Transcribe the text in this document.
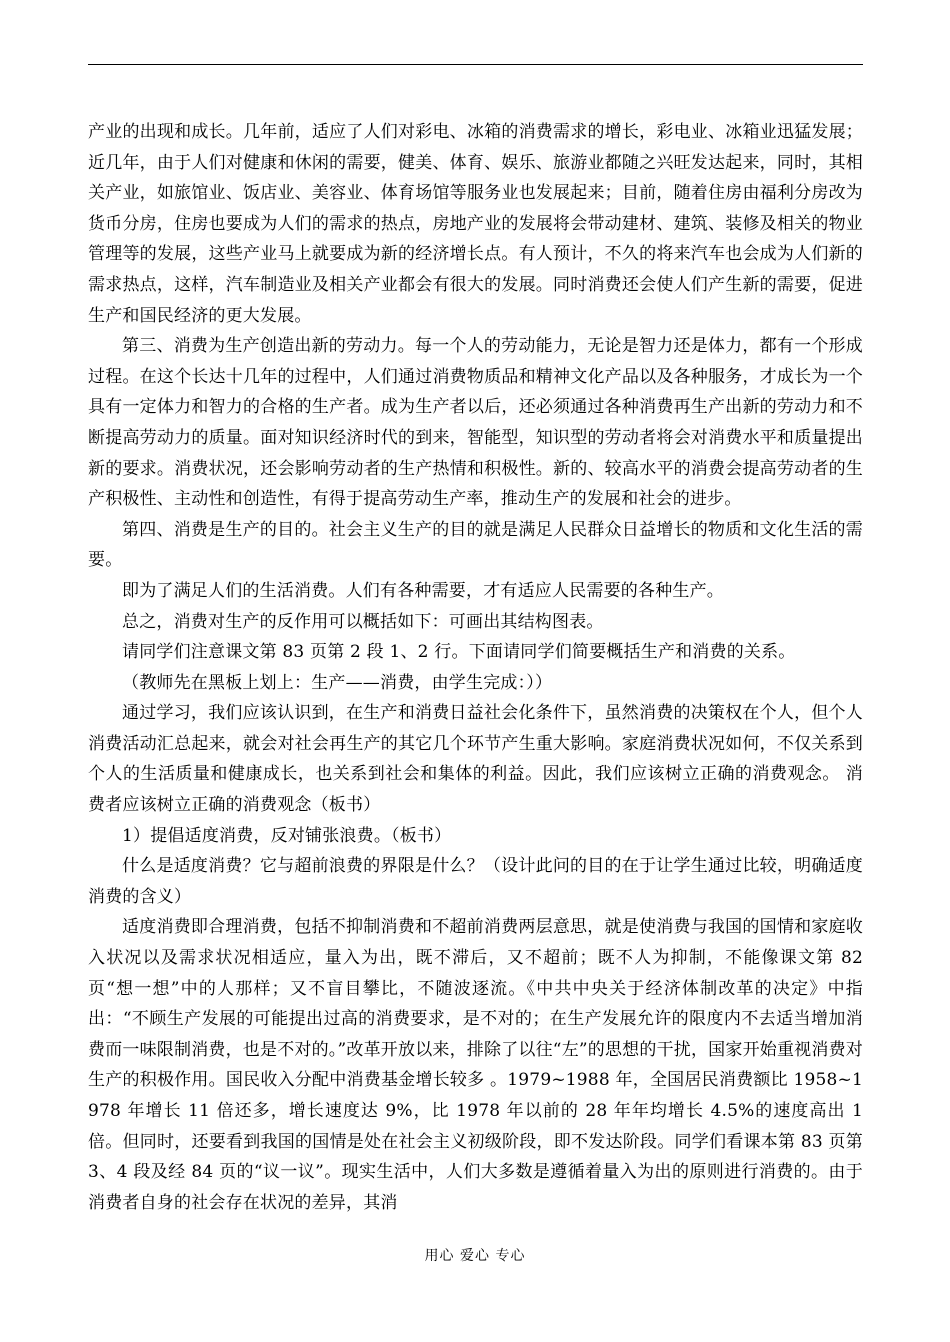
产业的出现和成长。几年前，适应了人们对彩电、冰箱的消费需求的增长，彩电业、冰箱业迅猛发展；近几年，由于人们对健康和休闲的需要，健美、体育、娱乐、旅游业都随之兴旺发达起来，同时，其相关产业，如旅馆业、饭店业、美容业、体育场馆等服务业也发展起来；目前，随着住房由福利分房改为货币分房，住房也要成为人们的需求的热点，房地产业的发展将会带动建材、建筑、装修及相关的物业管理等的发展，这些产业马上就要成为新的经济增长点。有人预计，不久的将来汽车也会成为人们新的需求热点，这样，汽车制造业及相关产业都会有很大的发展。同时消费还会使人们产生新的需要，促进生产和国民经济的更大发展。

第三、消费为生产创造出新的劳动力。每一个人的劳动能力，无论是智力还是体力，都有一个形成过程。在这个长达十几年的过程中，人们通过消费物质品和精神文化产品以及各种服务，才成长为一个具有一定体力和智力的合格的生产者。成为生产者以后，还必须通过各种消费再生产出新的劳动力和不断提高劳动力的质量。面对知识经济时代的到来，智能型，知识型的劳动者将会对消费水平和质量提出新的要求。消费状况，还会影响劳动者的生产热情和积极性。新的、较高水平的消费会提高劳动者的生产积极性、主动性和创造性，有得于提高劳动生产率，推动生产的发展和社会的进步。

第四、消费是生产的目的。社会主义生产的目的就是满足人民群众日益增长的物质和文化生活的需要。

即为了满足人们的生活消费。人们有各种需要，才有适应人民需要的各种生产。

总之，消费对生产的反作用可以概括如下：可画出其结构图表。

请同学们注意课文第 83 页第 2 段 1、2 行。下面请同学们简要概括生产和消费的关系。

（教师先在黑板上划上：生产——消费，由学生完成：））

通过学习，我们应该认识到，在生产和消费日益社会化条件下，虽然消费的决策权在个人，但个人消费活动汇总起来，就会对社会再生产的其它几个环节产生重大影响。家庭消费状况如何，不仅关系到个人的生活质量和健康成长，也关系到社会和集体的利益。因此，我们应该树立正确的消费观念。 消费者应该树立正确的消费观念（板书）

1）提倡适度消费，反对铺张浪费。（板书）

什么是适度消费？它与超前浪费的界限是什么？（设计此问的目的在于让学生通过比较，明确适度消费的含义）

适度消费即合理消费，包括不抑制消费和不超前消费两层意思，就是使消费与我国的国情和家庭收入状况以及需求状况相适应，量入为出，既不滞后，又不超前；既不人为抑制，不能像课文第 82 页“想一想”中的人那样；又不盲目攀比，不随波逐流。《中共中央关于经济体制改革的决定》中指出：“不顾生产发展的可能提出过高的消费要求，是不对的；在生产发展允许的限度内不去适当增加消费而一味限制消费，也是不对的。”改革开放以来，排除了以往“左”的思想的干扰，国家开始重视消费对生产的积极作用。国民收入分配中消费基金增长较多 。1979~1988 年，全国居民消费额比 1958~1978 年增长 11 倍还多，增长速度达 9%，比 1978 年以前的 28 年年均增长 4.5%的速度高出 1 倍。但同时，还要看到我国的国情是处在社会主义初级阶段，即不发达阶段。同学们看课本第 83 页第 3、4 段及经 84 页的“议一议”。现实生活中，人们大多数是遵循着量入为出的原则进行消费的。由于消费者自身的社会存在状况的差异，其消

用心 爱心 专心
